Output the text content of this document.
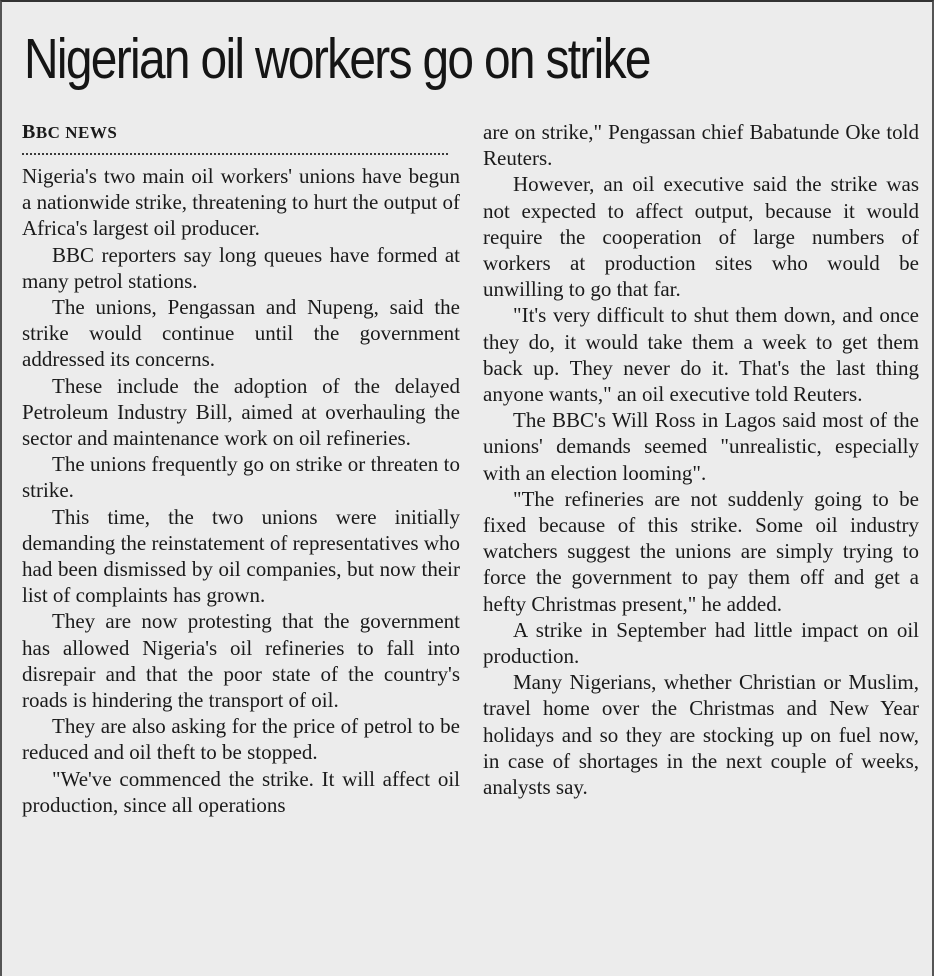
Nigerian oil workers go on strike
BBC NEWS

Nigeria's two main oil workers' unions have begun a nationwide strike, threatening to hurt the output of Africa's largest oil producer.

BBC reporters say long queues have formed at many petrol stations.

The unions, Pengassan and Nupeng, said the strike would continue until the government addressed its concerns.

These include the adoption of the delayed Petroleum Industry Bill, aimed at overhauling the sector and maintenance work on oil refineries.

The unions frequently go on strike or threaten to strike.

This time, the two unions were initially demanding the reinstatement of representatives who had been dismissed by oil companies, but now their list of complaints has grown.

They are now protesting that the government has allowed Nigeria's oil refineries to fall into disrepair and that the poor state of the country's roads is hindering the transport of oil.

They are also asking for the price of petrol to be reduced and oil theft to be stopped.

"We've commenced the strike. It will affect oil production, since all operations

are on strike," Pengassan chief Babatunde Oke told Reuters.

However, an oil executive said the strike was not expected to affect output, because it would require the cooperation of large numbers of workers at production sites who would be unwilling to go that far.

"It's very difficult to shut them down, and once they do, it would take them a week to get them back up. They never do it. That's the last thing anyone wants," an oil executive told Reuters.

The BBC's Will Ross in Lagos said most of the unions' demands seemed "unrealistic, especially with an election looming".

"The refineries are not suddenly going to be fixed because of this strike. Some oil industry watchers suggest the unions are simply trying to force the government to pay them off and get a hefty Christmas present," he added.

A strike in September had little impact on oil production.

Many Nigerians, whether Christian or Muslim, travel home over the Christmas and New Year holidays and so they are stocking up on fuel now, in case of shortages in the next couple of weeks, analysts say.
